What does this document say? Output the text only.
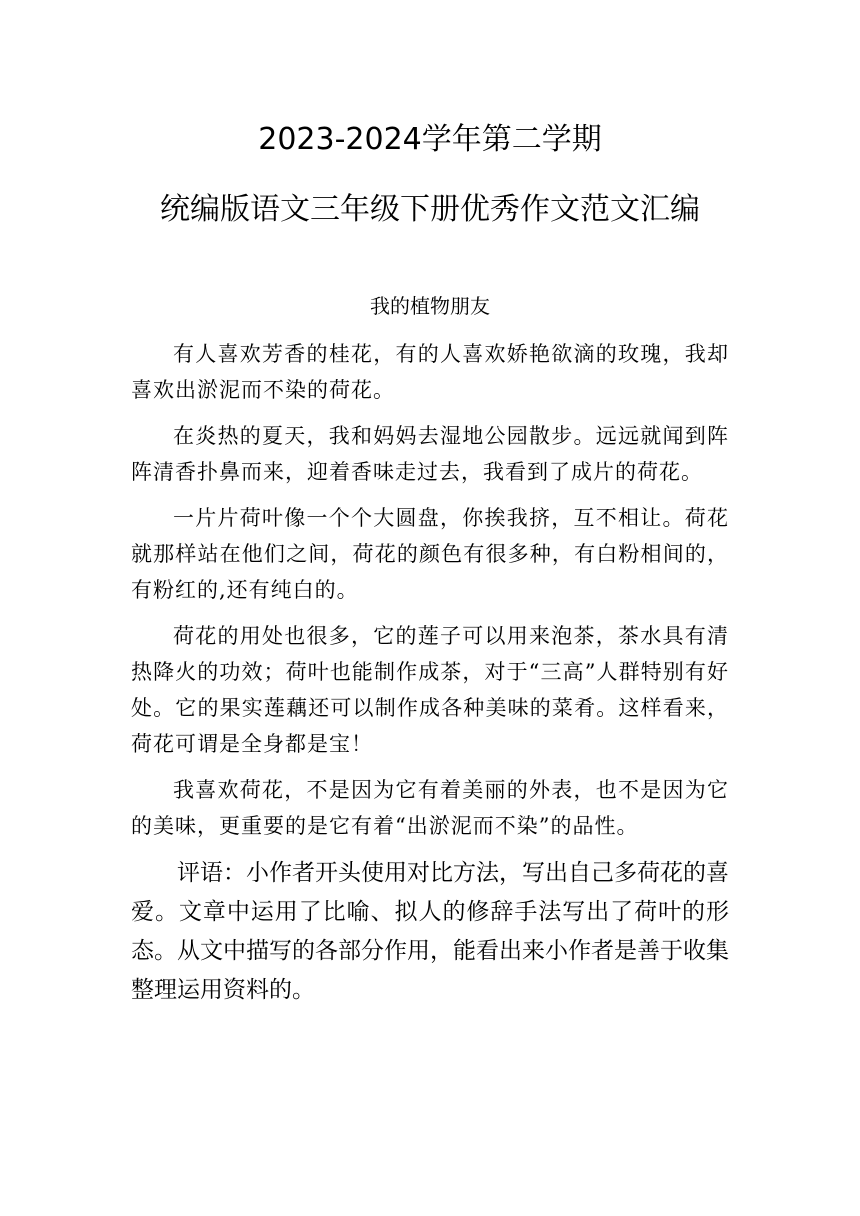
2023-2024学年第二学期
统编版语文三年级下册优秀作文范文汇编
我的植物朋友

有人喜欢芳香的桂花，有的人喜欢娇艳欲滴的玫瑰，我却喜欢出淤泥而不染的荷花。

在炎热的夏天，我和妈妈去湿地公园散步。远远就闻到阵阵清香扑鼻而来，迎着香味走过去，我看到了成片的荷花。

一片片荷叶像一个个大圆盘，你挨我挤，互不相让。荷花就那样站在他们之间，荷花的颜色有很多种，有白粉相间的，有粉红的,还有纯白的。

荷花的用处也很多，它的莲子可以用来泡茶，茶水具有清热降火的功效；荷叶也能制作成茶，对于“三高”人群特别有好处。它的果实莲藕还可以制作成各种美味的菜肴。这样看来，荷花可谓是全身都是宝！

我喜欢荷花，不是因为它有着美丽的外表，也不是因为它的美味，更重要的是它有着“出淤泥而不染”的品性。

评语：小作者开头使用对比方法，写出自己多荷花的喜爱。文章中运用了比喻、拟人的修辞手法写出了荷叶的形态。从文中描写的各部分作用，能看出来小作者是善于收集整理运用资料的。
